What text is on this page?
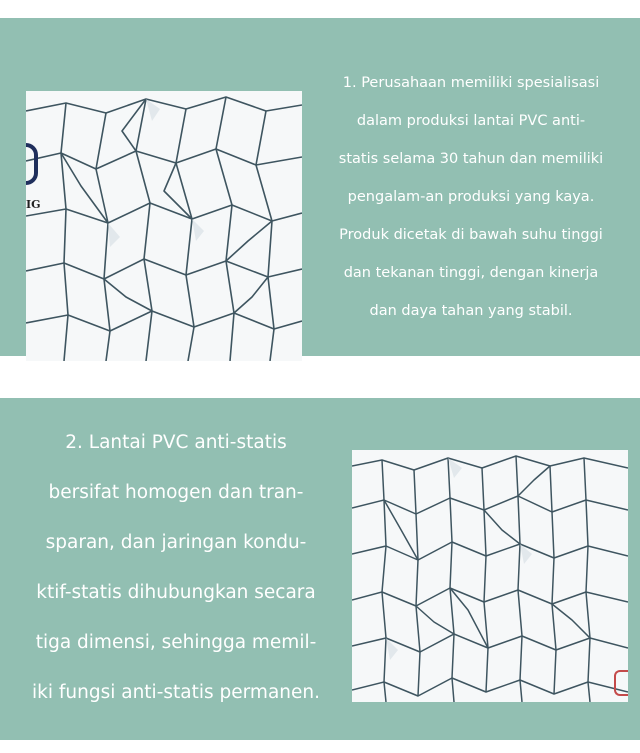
IG
1. Perusahaan memiliki spesialisasi
dalam produksi lantai PVC anti-
statis selama 30 tahun dan memiliki
pengalam-an produksi yang kaya.
Produk dicetak di bawah suhu tinggi
dan tekanan tinggi, dengan kinerja
dan daya tahan yang stabil.
2. Lantai PVC anti-statis
bersifat homogen dan tran-
sparan, dan jaringan kondu-
ktif-statis dihubungkan secara
tiga dimensi, sehingga memil-
iki fungsi anti-statis permanen.
